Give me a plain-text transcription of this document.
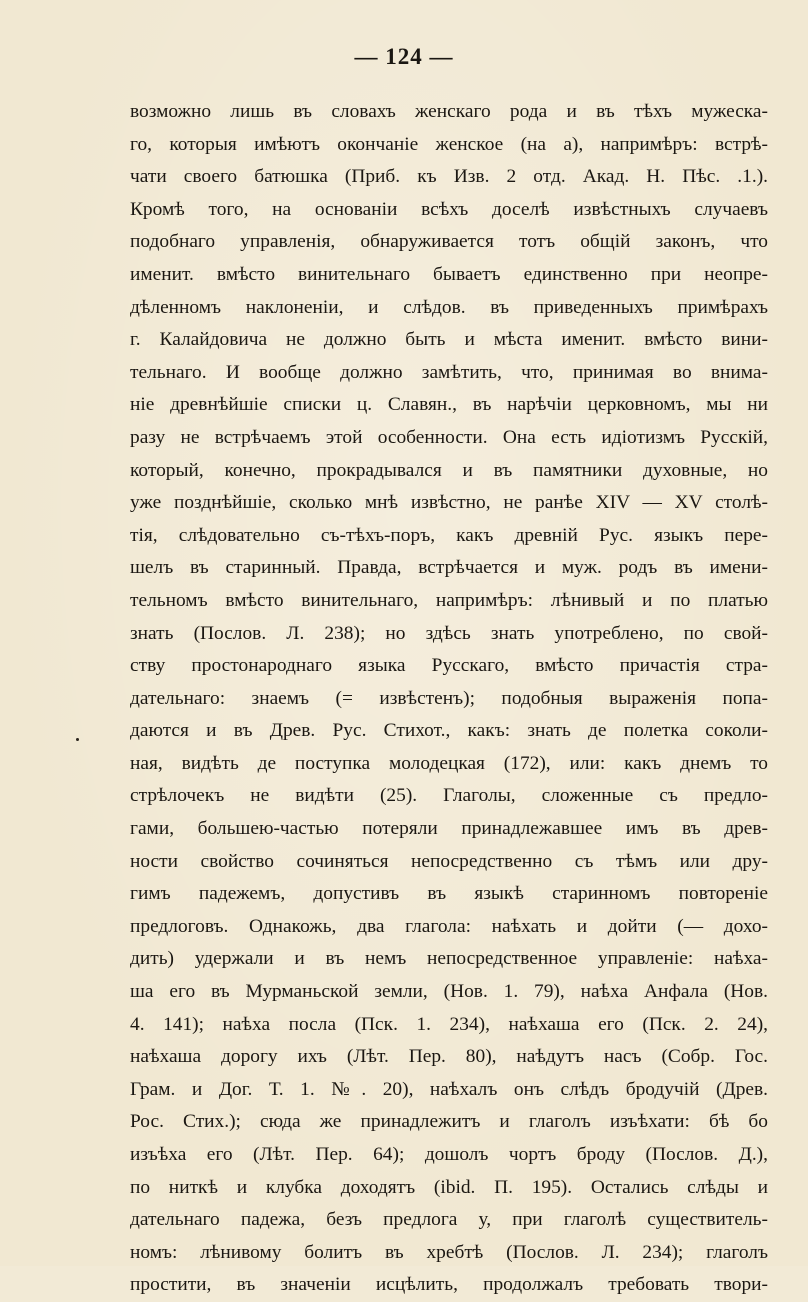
— 124 —
возможно лишь въ словахъ женскаго рода и въ тѣхъ мужеска-
го, которыя имѣютъ окончаніе женское (на а), напримѣръ: встрѣ-
чати своего батюшка (Приб. къ Изв. 2 отд. Акад. Н. Пѣс. .1.).
Кромѣ того, на основаніи всѣхъ доселѣ извѣстныхъ случаевъ
подобнаго управленія, обнаруживается тотъ общій законъ, что
именит. вмѣсто винительнаго бываетъ единственно при неопре-
дѣленномъ наклоненіи, и слѣдов. въ приведенныхъ примѣрахъ
г. Калайдовича не должно быть и мѣста именит. вмѣсто вини-
тельнаго. И вообще должно замѣтить, что, принимая во внима-
ніе древнѣйшіе списки ц. Славян., въ нарѣчіи церковномъ, мы ни
разу не встрѣчаемъ этой особенности. Она есть идіотизмъ Русскій,
который, конечно, прокрадывался и въ памятники духовные, но
уже позднѣйшіе, сколько мнѣ извѣстно, не ранѣе XIV — XV столѣ-
тія, слѣдовательно съ-тѣхъ-поръ, какъ древній Рус. языкъ пере-
шелъ въ старинный. Правда, встрѣчается и муж. родъ въ имени-
тельномъ вмѣсто винительнаго, напримѣръ: лѣнивый и по платью
знать (Послов. Л. 238); но здѣсь знать употреблено, по свой-
ству простонароднаго языка Русскаго, вмѣсто причастія стра-
дательнаго: знаемъ (= извѣстенъ); подобныя выраженія попа-
даются и въ Древ. Рус. Стихот., какъ: знать де полетка соколи-
ная, видѣть де поступка молодецкая (172), или: какъ днемъ то
стрѣлочекъ не видѣти (25). Глаголы, сложенные съ предло-
гами, большею-частью потеряли принадлежавшее имъ въ древ-
ности свойство сочиняться непосредственно съ тѣмъ или дру-
гимъ падежемъ, допустивъ въ языкѣ старинномъ повтореніе
предлоговъ. Однакожь, два глагола: наѣхать и дойти (— дохо-
дить) удержали и въ немъ непосредственное управленіе: наѣха-
ша его въ Мурманьской земли, (Нов. 1. 79), наѣха Анфала (Нов.
4. 141); наѣха посла (Пск. 1. 234), наѣхаша его (Пск. 2. 24),
наѣхаша дорогу ихъ (Лѣт. Пер. 80), наѣдутъ насъ (Собр. Гос.
Грам. и Дог. Т. 1. №. 20), наѣхалъ онъ слѣдъ бродучій (Древ.
Рос. Стих.); сюда же принадлежитъ и глаголъ изъѣхати: бѣ бо
изъѣха его (Лѣт. Пер. 64); дошолъ чортъ броду (Послов. Д.),
по ниткѣ и клубка доходятъ (ibid. П. 195). Остались слѣды и
дательнаго падежа, безъ предлога у, при глаголѣ существитель-
номъ: лѣнивому болитъ въ хребтѣ (Послов. Л. 234); глаголъ
простити, въ значеніи исцѣлить, продолжалъ требовать твори-
